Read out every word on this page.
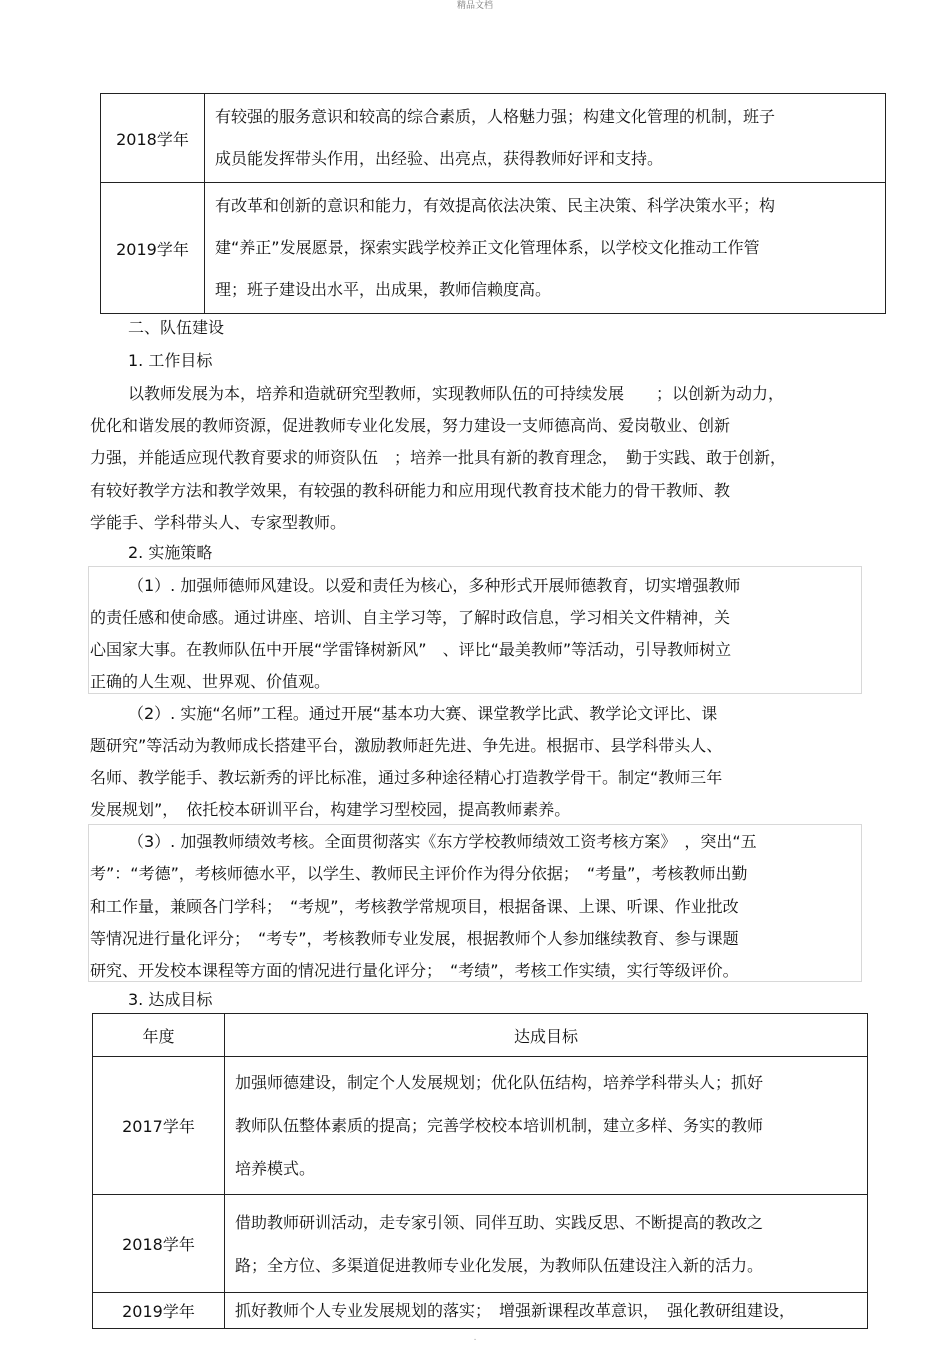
精品文档
2018学年	有较强的服务意识和较高的综合素质，人格魅力强；构建文化管理的机制，班子
成员能发挥带头作用，出经验、出亮点，获得教师好评和支持。

2019学年	有改革和创新的意识和能力，有效提高依法决策、民主决策、科学决策水平；构
建“养正”发展愿景，探索实践学校养正文化管理体系，以学校文化推动工作管
理；班子建设出水平，出成果，教师信赖度高。
二、队伍建设
1. 工作目标
以教师发展为本，培养和造就研究型教师，实现教师队伍的可持续发展　　；以创新为动力，
优化和谐发展的教师资源，促进教师专业化发展，努力建设一支师德高尚、爱岗敬业、创新
力强，并能适应现代教育要求的师资队伍　；培养一批具有新的教育理念，　勤于实践、敢于创新，
有较好教学方法和教学效果，有较强的教科研能力和应用现代教育技术能力的骨干教师、教
学能手、学科带头人、专家型教师。
2. 实施策略
（1）. 加强师德师风建设。以爱和责任为核心，多种形式开展师德教育，切实增强教师
的责任感和使命感。通过讲座、培训、自主学习等，了解时政信息，学习相关文件精神，关
心国家大事。在教师队伍中开展“学雷锋树新风”　、评比“最美教师”等活动，引导教师树立
正确的人生观、世界观、价值观。
（2）. 实施“名师”工程。通过开展“基本功大赛、课堂教学比武、教学论文评比、课
题研究”等活动为教师成长搭建平台，激励教师赶先进、争先进。根据市、县学科带头人、
名师、教学能手、教坛新秀的评比标准，通过多种途径精心打造教学骨干。制定“教师三年
发展规划”，　依托校本研训平台，构建学习型校园，提高教师素养。
（3）. 加强教师绩效考核。全面贯彻落实《东方学校教师绩效工资考核方案》　，突出“五
考”：“考德”，考核师德水平，以学生、教师民主评价作为得分依据；　“考量”，考核教师出勤
和工作量，兼顾各门学科；　“考规”，考核教学常规项目，根据备课、上课、听课、作业批改
等情况进行量化评分；　“考专”，考核教师专业发展，根据教师个人参加继续教育、参与课题
研究、开发校本课程等方面的情况进行量化评分；　“考绩”，考核工作实绩，实行等级评价。
3. 达成目标
年度	达成目标
2017学年	加强师德建设，制定个人发展规划；优化队伍结构，培养学科带头人；抓好
教师队伍整体素质的提高；完善学校校本培训机制，建立多样、务实的教师
培养模式。

2018学年	借助教师研训活动，走专家引领、同伴互助、实践反思、不断提高的教改之
路；全方位、多渠道促进教师专业化发展，为教师队伍建设注入新的活力。

2019学年	抓好教师个人专业发展规划的落实；　增强新课程改革意识，　强化教研组建设，
.
